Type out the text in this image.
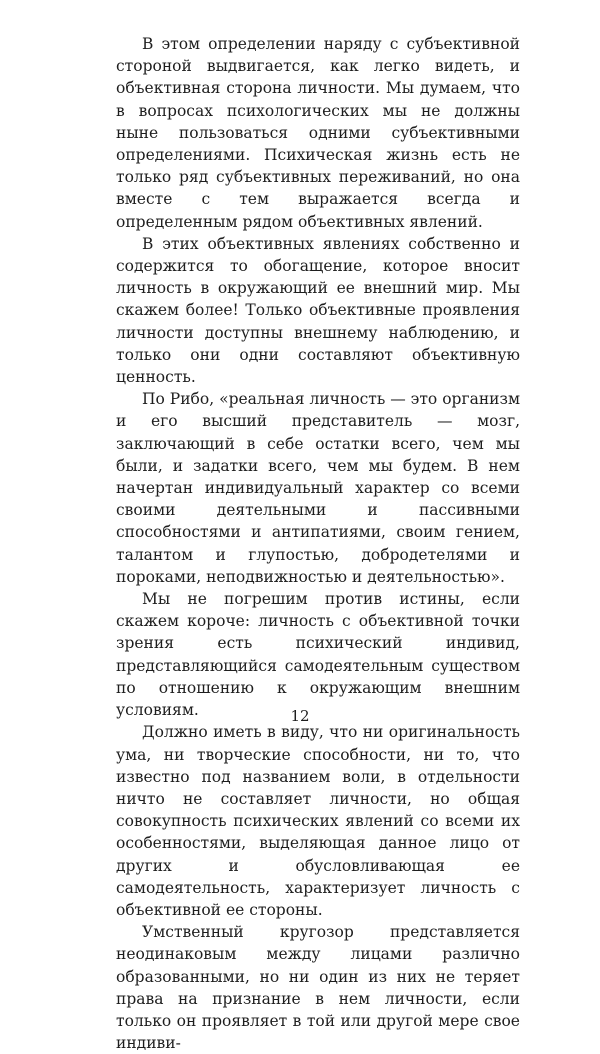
В этом определении наряду с субъективной стороной выдвигается, как легко видеть, и объективная сторона личности. Мы думаем, что в вопросах психологических мы не должны ныне пользоваться одними субъективными определениями. Психическая жизнь есть не только ряд субъективных переживаний, но она вместе с тем выражается всегда и определенным рядом объективных явлений.

В этих объективных явлениях собственно и содержится то обогащение, которое вносит личность в окружающий ее внешний мир. Мы скажем более! Только объективные проявления личности доступны внешнему наблюдению, и только они одни составляют объективную ценность.

По Рибо, «реальная личность — это организм и его высший представитель — мозг, заключающий в себе остатки всего, чем мы были, и задатки всего, чем мы будем. В нем начертан индивидуальный характер со всеми своими деятельными и пассивными способностями и антипатиями, своим гением, талантом и глупостью, добродетелями и пороками, неподвижностью и деятельностью».

Мы не погрешим против истины, если скажем короче: личность с объективной точки зрения есть психический индивид, представляющийся самодеятельным существом по отношению к окружающим внешним условиям.

Должно иметь в виду, что ни оригинальность ума, ни творческие способности, ни то, что известно под названием воли, в отдельности ничто не составляет личности, но общая совокупность психических явлений со всеми их особенностями, выделяющая данное лицо от других и обусловливающая ее самодеятельность, характеризует личность с объективной ее стороны.

Умственный кругозор представляется неодинаковым между лицами различно образованными, но ни один из них не теряет права на признание в нем личности, если только он проявляет в той или другой мере свое индиви-

12
